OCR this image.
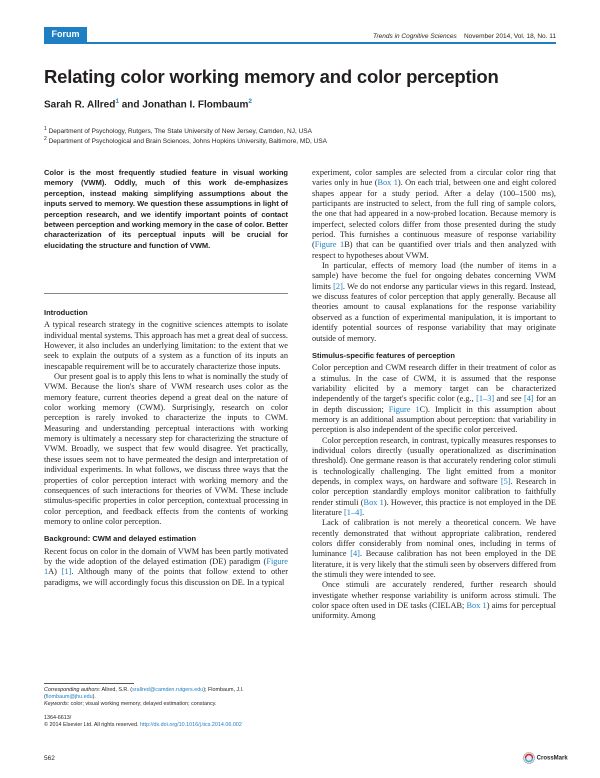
Forum	Trends in Cognitive Sciences November 2014, Vol. 18, No. 11
Relating color working memory and color perception
Sarah R. Allred$^1$ and Jonathan I. Flombaum$^2$
$^1$ Department of Psychology, Rutgers, The State University of New Jersey, Camden, NJ, USA
$^2$ Department of Psychological and Brain Sciences, Johns Hopkins University, Baltimore, MD, USA
Color is the most frequently studied feature in visual working memory (VWM). Oddly, much of this work de-emphasizes perception, instead making simplifying assumptions about the inputs served to memory. We question these assumptions in light of perception research, and we identify important points of contact between perception and working memory in the case of color. Better characterization of its perceptual inputs will be crucial for elucidating the structure and function of VWM.
Introduction

A typical research strategy in the cognitive sciences attempts to isolate individual mental systems. This approach has met a great deal of success. However, it also includes an underlying limitation: to the extent that we seek to explain the outputs of a system as a function of its inputs an inescapable requirement will be to accurately characterize those inputs.

Our present goal is to apply this lens to what is nominally the study of VWM. Because the lion's share of VWM research uses color as the memory feature, current theories depend a great deal on the nature of color working memory (CWM). Surprisingly, research on color perception is rarely invoked to characterize the inputs to CWM. Measuring and understanding perceptual interactions with working memory is ultimately a necessary step for characterizing the structure of VWM. Broadly, we suspect that few would disagree. Yet practically, these issues seem not to have permeated the design and interpretation of individual experiments. In what follows, we discuss three ways that the properties of color perception interact with working memory and the consequences of such interactions for theories of VWM. These include stimulus-specific properties in color perception, contextual processing in color perception, and feedback effects from the contents of working memory to online color perception.

Background: CWM and delayed estimation

Recent focus on color in the domain of VWM has been partly motivated by the wide adoption of the delayed estimation (DE) paradigm (Figure 1A) [1]. Although many of the points that follow extend to other paradigms, we will accordingly focus this discussion on DE. In a typical

Corresponding authors: Allred, S.R. (srallred@camden.rutgers.edu); Flombaum, J.I. (flombaum@jhu.edu).
Keywords: color; visual working memory; delayed estimation; constancy.
1364-6613/
© 2014 Elsevier Ltd. All rights reserved. http://dx.doi.org/10.1016/j.tics.2014.06.002

experiment, color samples are selected from a circular color ring that varies only in hue (Box 1). On each trial, between one and eight colored shapes appear for a study period. After a delay (100–1500 ms), participants are instructed to select, from the full ring of sample colors, the one that had appeared in a now-probed location. Because memory is imperfect, selected colors differ from those presented during the study period. This furnishes a continuous measure of response variability (Figure 1B) that can be quantified over trials and then analyzed with respect to hypotheses about VWM.

In particular, effects of memory load (the number of items in a sample) have become the fuel for ongoing debates concerning VWM limits [2]. We do not endorse any particular views in this regard. Instead, we discuss features of color perception that apply generally. Because all theories amount to causal explanations for the response variability observed as a function of experimental manipulation, it is important to identify potential sources of response variability that may originate outside of memory.

Stimulus-specific features of perception

Color perception and CWM research differ in their treatment of color as a stimulus. In the case of CWM, it is assumed that the response variability elicited by a memory target can be characterized independently of the target's specific color (e.g., [1–3] and see [4] for an in depth discussion; Figure 1C). Implicit in this assumption about memory is an additional assumption about perception: that variability in perception is also independent of the specific color perceived.

Color perception research, in contrast, typically measures responses to individual colors directly (usually operationalized as discrimination threshold). One germane reason is that accurately rendering color stimuli is technologically challenging. The light emitted from a monitor depends, in complex ways, on hardware and software [5]. Research in color perception standardly employs monitor calibration to faithfully render stimuli (Box 1). However, this practice is not employed in the DE literature [1–4].

Lack of calibration is not merely a theoretical concern. We have recently demonstrated that without appropriate calibration, rendered colors differ considerably from nominal ones, including in terms of luminance [4]. Because calibration has not been employed in the DE literature, it is very likely that the stimuli seen by observers differed from the stimuli they were intended to see.

Once stimuli are accurately rendered, further research should investigate whether response variability is uniform across stimuli. The color space often used in DE tasks (CIELAB; Box 1) aims for perceptual uniformity. Among

562	CrossMark
